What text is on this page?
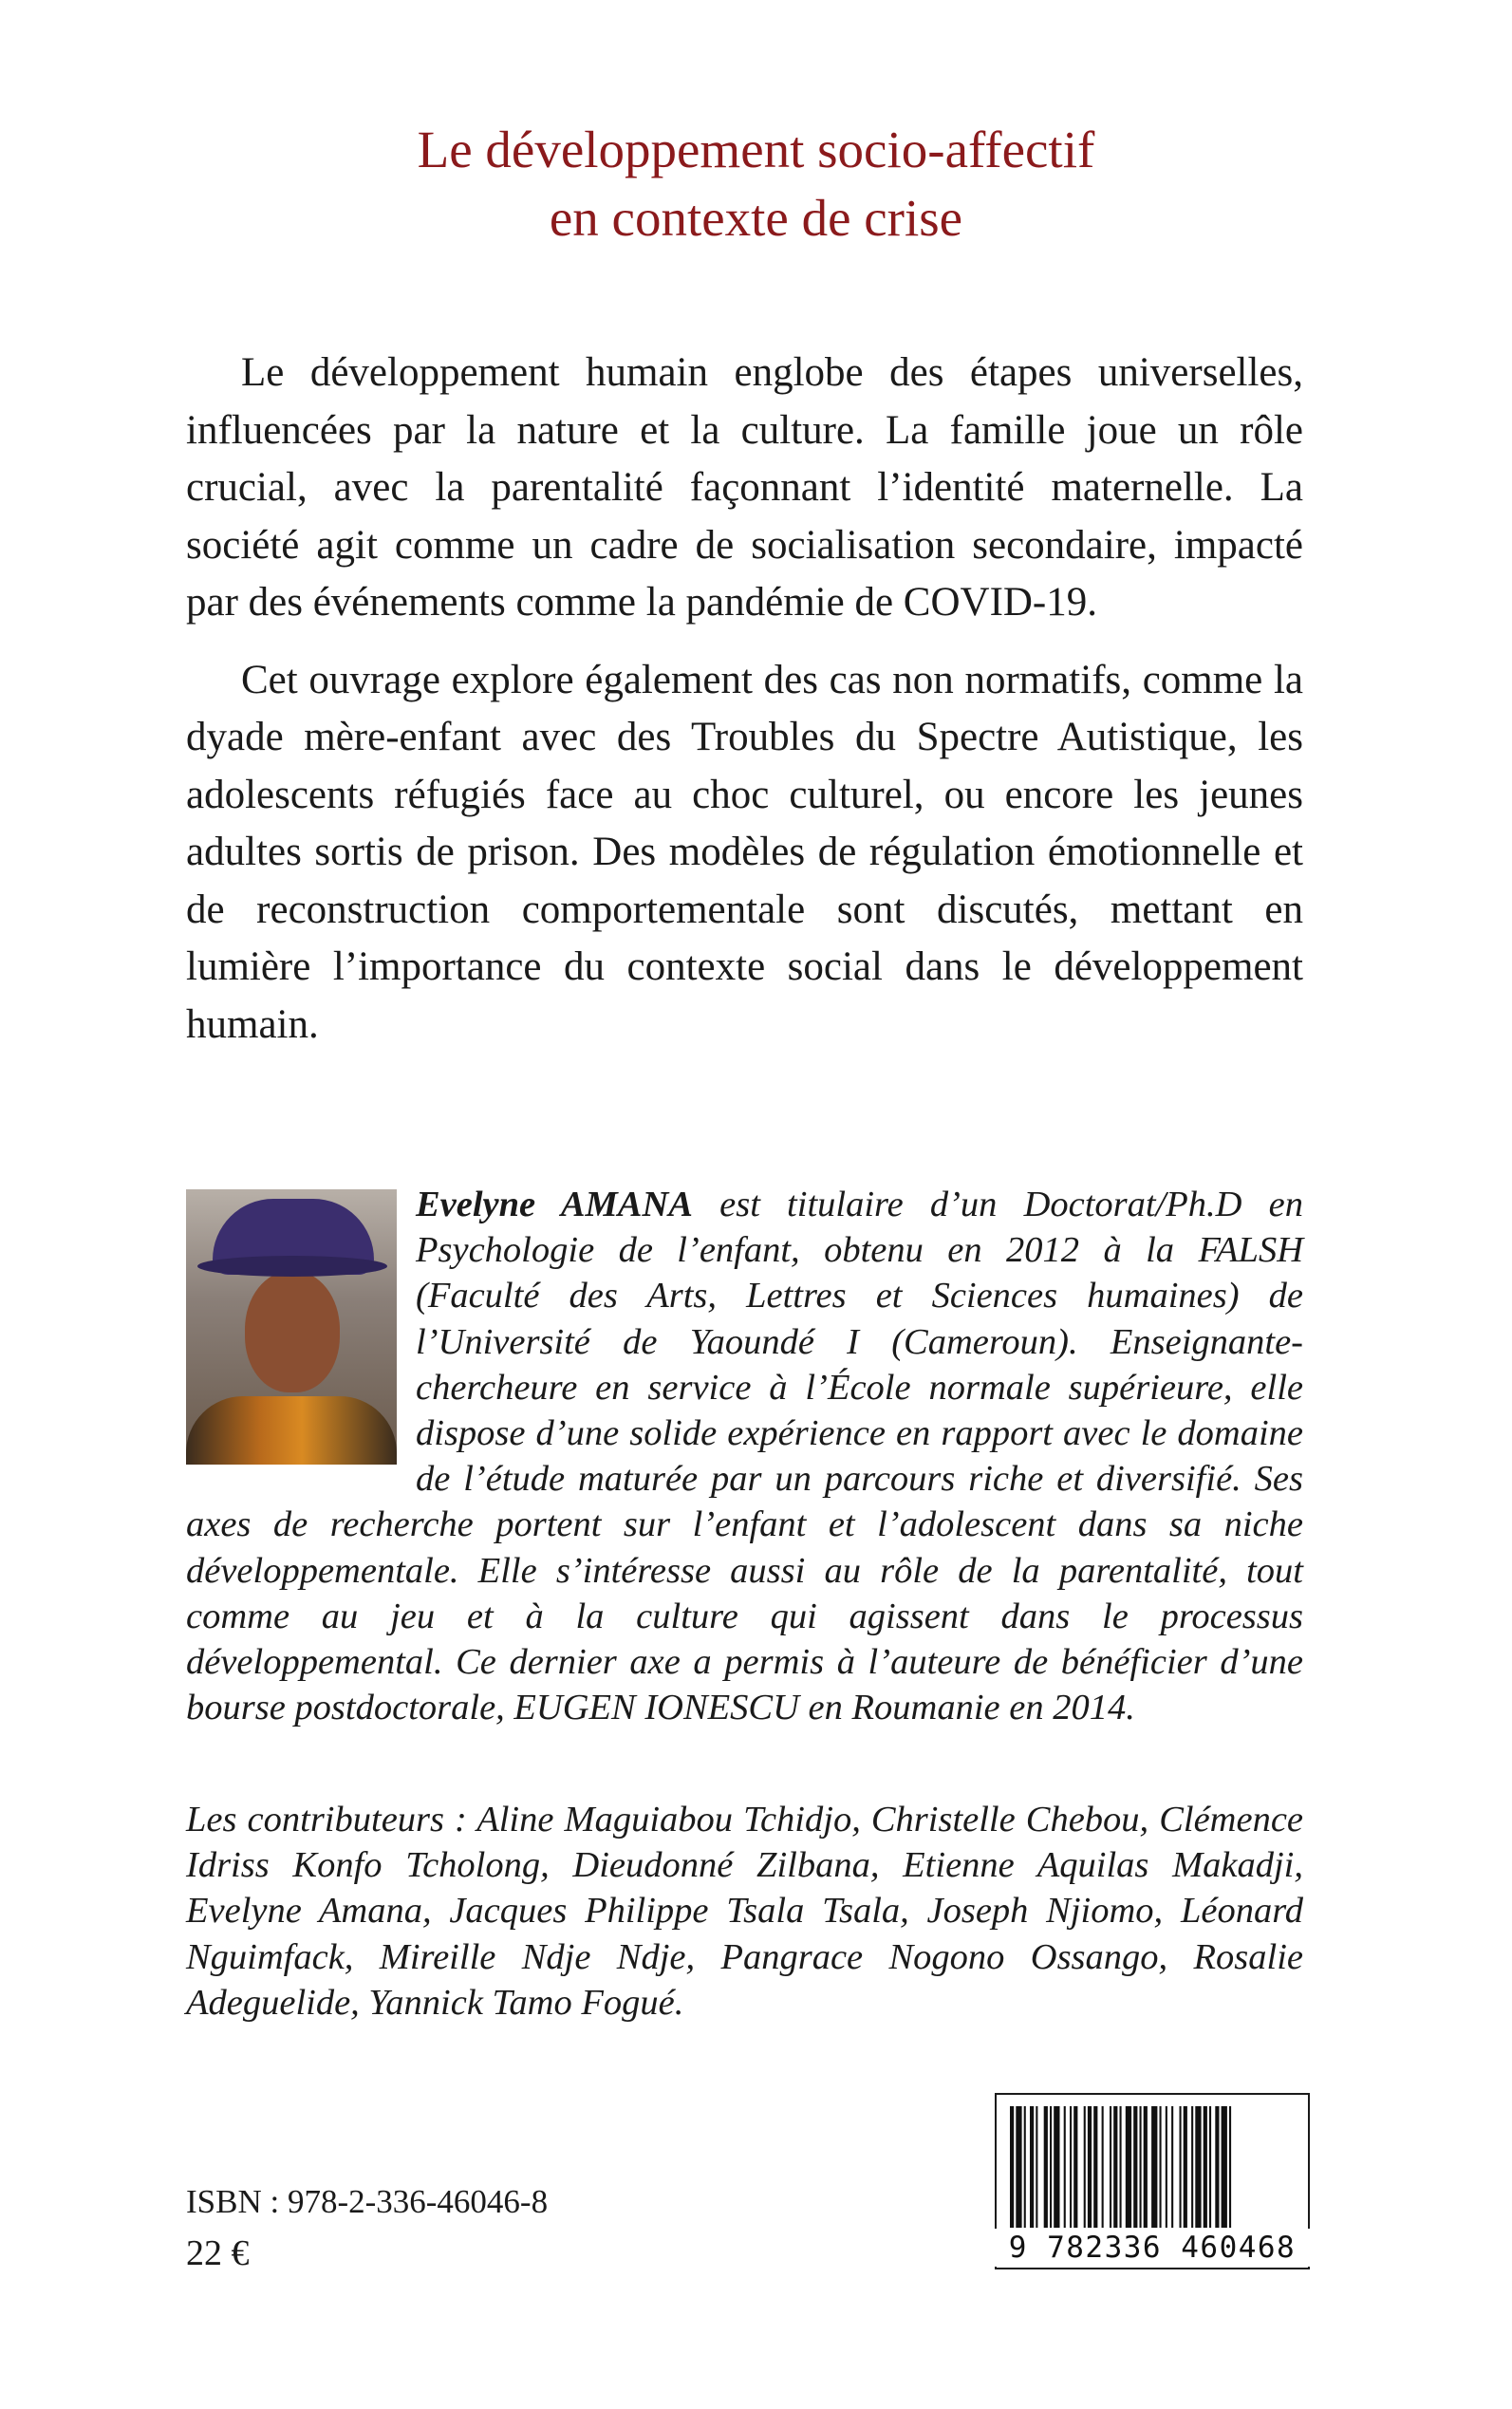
Le développement socio-affectif
en contexte de crise

Le développement humain englobe des étapes universelles, influencées par la nature et la culture. La famille joue un rôle crucial, avec la parentalité façonnant l’identité maternelle. La société agit comme un cadre de socialisation secondaire, impacté par des événements comme la pandémie de COVID-19.

Cet ouvrage explore également des cas non normatifs, comme la dyade mère-enfant avec des Troubles du Spectre Autistique, les adolescents réfugiés face au choc culturel, ou encore les jeunes adultes sortis de prison. Des modèles de régulation émotionnelle et de reconstruction comportementale sont discutés, mettant en lumière l’importance du contexte social dans le développement humain.

Evelyne AMANA est titulaire d’un Doctorat/Ph.D en Psychologie de l’enfant, obtenu en 2012 à la FALSH (Faculté des Arts, Lettres et Sciences humaines) de l’Université de Yaoundé I (Cameroun). Enseignante-chercheure en service à l’École normale supérieure, elle dispose d’une solide expérience en rapport avec le domaine de l’étude maturée par un parcours riche et diversifié. Ses axes de recherche portent sur l’enfant et l’adolescent dans sa niche développementale. Elle s’intéresse aussi au rôle de la parentalité, tout comme au jeu et à la culture qui agissent dans le processus développemental. Ce dernier axe a permis à l’auteure de bénéficier d’une bourse postdoctorale, EUGEN IONESCU en Roumanie en 2014.

Les contributeurs : Aline Maguiabou Tchidjo, Christelle Chebou, Clémence Idriss Konfo Tcholong, Dieudonné Zilbana, Etienne Aquilas Makadji, Evelyne Amana, Jacques Philippe Tsala Tsala, Joseph Njiomo, Léonard Nguimfack, Mireille Ndje Ndje, Pangrace Nogono Ossango, Rosalie Adeguelide, Yannick Tamo Fogué.
ISBN : 978-2-336-46046-8
22 €	9 782336 460468
